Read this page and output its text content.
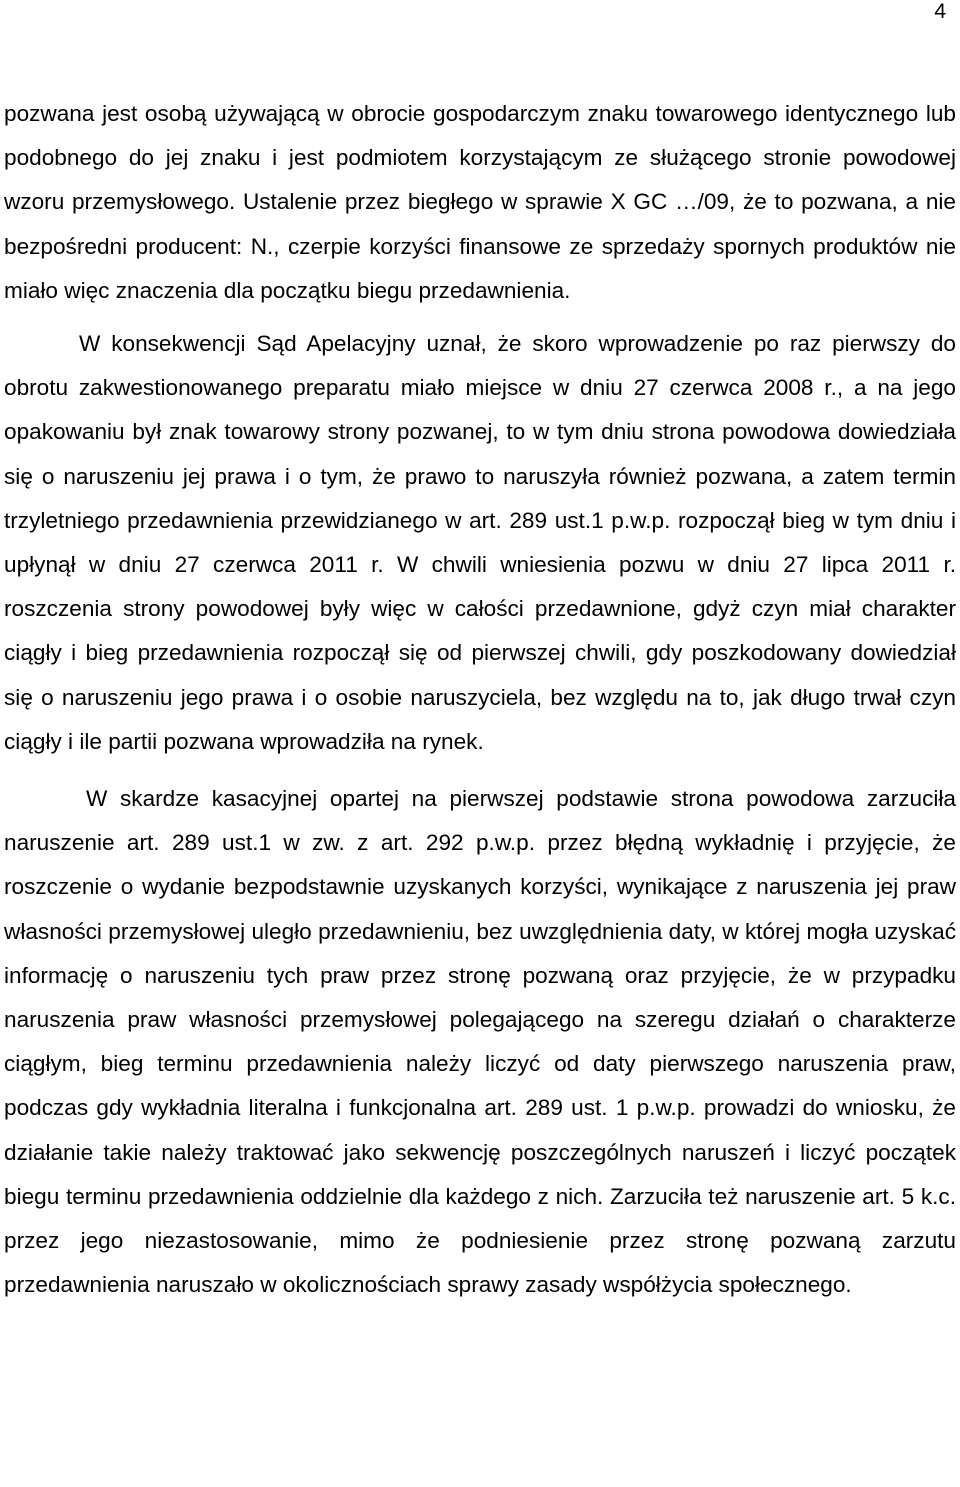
4

pozwana jest osobą używającą w obrocie gospodarczym znaku towarowego identycznego lub podobnego do jej znaku i jest podmiotem korzystającym ze służącego stronie powodowej wzoru przemysłowego. Ustalenie przez biegłego w sprawie X GC …/09, że to pozwana, a nie bezpośredni producent: N., czerpie korzyści finansowe ze sprzedaży spornych produktów nie miało więc znaczenia dla początku biegu przedawnienia.

W konsekwencji Sąd Apelacyjny uznał, że skoro wprowadzenie po raz pierwszy do obrotu zakwestionowanego preparatu miało miejsce w dniu 27 czerwca 2008 r., a na jego opakowaniu był znak towarowy strony pozwanej, to w tym dniu strona powodowa dowiedziała się o naruszeniu jej prawa i o tym, że prawo to naruszyła również pozwana, a zatem termin trzyletniego przedawnienia przewidzianego w art. 289 ust.1 p.w.p. rozpoczął bieg w tym dniu i upłynął w dniu 27 czerwca 2011 r. W chwili wniesienia pozwu w dniu 27 lipca 2011 r. roszczenia strony powodowej były więc w całości przedawnione, gdyż czyn miał charakter ciągły i bieg przedawnienia rozpoczął się od pierwszej chwili, gdy poszkodowany dowiedział się o naruszeniu jego prawa i o osobie naruszyciela, bez względu na to, jak długo trwał czyn ciągły i ile partii pozwana wprowadziła na rynek.

W skardze kasacyjnej opartej na pierwszej podstawie strona powodowa zarzuciła naruszenie art. 289 ust.1 w zw. z art. 292 p.w.p. przez błędną wykładnię i przyjęcie, że roszczenie o wydanie bezpodstawnie uzyskanych korzyści, wynikające z naruszenia jej praw własności przemysłowej uległo przedawnieniu, bez uwzględnienia daty, w której mogła uzyskać informację o naruszeniu tych praw przez stronę pozwaną oraz przyjęcie, że w przypadku naruszenia praw własności przemysłowej polegającego na szeregu działań o charakterze ciągłym, bieg terminu przedawnienia należy liczyć od daty pierwszego naruszenia praw, podczas gdy wykładnia literalna i funkcjonalna art. 289 ust. 1 p.w.p. prowadzi do wniosku, że działanie takie należy traktować jako sekwencję poszczególnych naruszeń i liczyć początek biegu terminu przedawnienia oddzielnie dla każdego z nich. Zarzuciła też naruszenie art. 5 k.c. przez jego niezastosowanie, mimo że podniesienie przez stronę pozwaną zarzutu przedawnienia naruszało w okolicznościach sprawy zasady współżycia społecznego.
